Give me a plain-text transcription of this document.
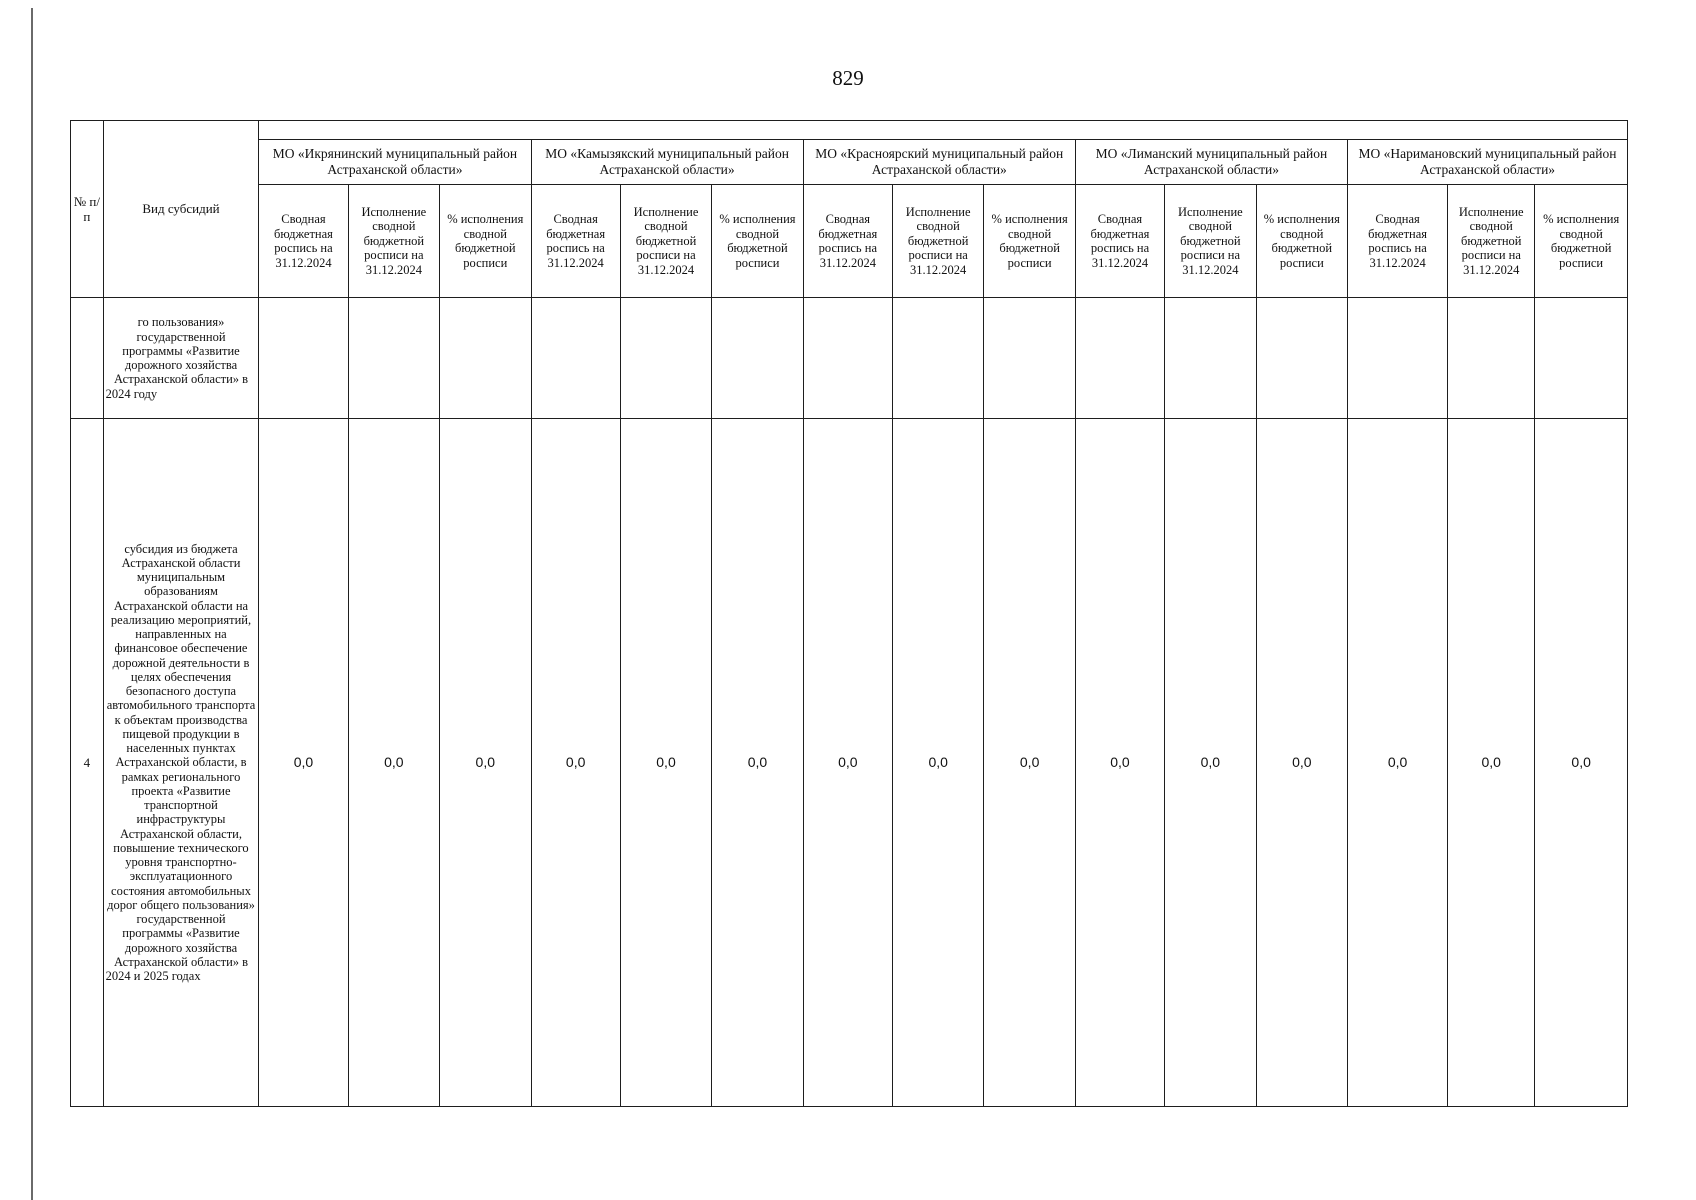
829
№ п/п	Вид субсидий															
		МО «Икрянинский муниципальный район Астраханской области»			МО «Камызякский муниципальный район Астраханской области»			МО «Красноярский муниципальный район Астраханской области»			МО «Лиманский муниципальный район Астраханской области»			МО «Наримановский муниципальный район Астраханской области»		
		Сводная бюджетная роспись на 31.12.2024	Исполнение сводной бюджетной росписи на 31.12.2024	% исполнения сводной бюджетной росписи	Сводная бюджетная роспись на 31.12.2024	Исполнение сводной бюджетной росписи на 31.12.2024	% исполнения сводной бюджетной росписи	Сводная бюджетная роспись на 31.12.2024	Исполнение сводной бюджетной росписи на 31.12.2024	% исполнения сводной бюджетной росписи	Сводная бюджетная роспись на 31.12.2024	Исполнение сводной бюджетной росписи на 31.12.2024	% исполнения сводной бюджетной росписи	Сводная бюджетная роспись на 31.12.2024	Исполнение сводной бюджетной росписи на 31.12.2024	% исполнения сводной бюджетной росписи
	го пользования» государственной программы «Развитие дорожного хозяйства Астраханской области» в 2024 году															
4	субсидия из бюджета Астраханской области муниципальным образованиям Астраханской области на реализацию мероприятий, направленных на финансовое обеспечение дорожной деятельности в целях обеспечения безопасного доступа автомобильного транспорта к объектам производства пищевой продукции в населенных пунктах Астраханской области, в рамках регионального проекта «Развитие транспортной инфраструктуры Астраханской области, повышение технического уровня транспортно-эксплуатационного состояния автомобильных дорог общего пользования» государственной программы «Развитие дорожного хозяйства Астраханской области» в 2024 и 2025 годах	0,0	0,0	0,0	0,0	0,0	0,0	0,0	0,0	0,0	0,0	0,0	0,0	0,0	0,0	0,0
